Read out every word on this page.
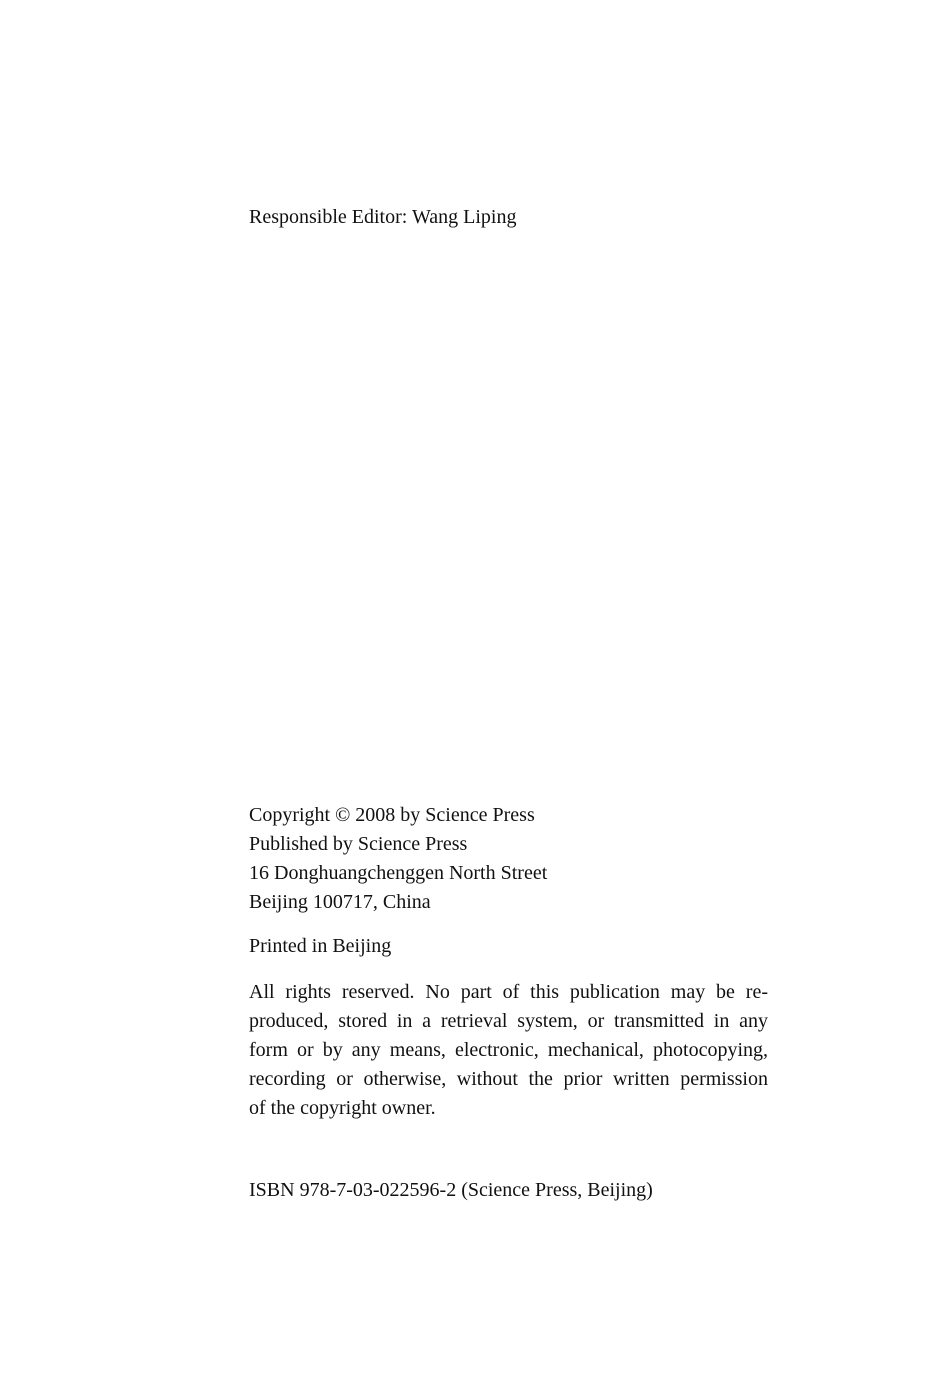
Responsible Editor: Wang Liping
Copyright © 2008 by Science Press
Published by Science Press
16 Donghuangchenggen North Street
Beijing 100717, China
Printed in Beijing
All rights reserved. No part of this publication may be re-
produced, stored in a retrieval system, or transmitted in any
form or by any means, electronic, mechanical, photocopying,
recording or otherwise, without the prior written permission
of the copyright owner.
ISBN 978-7-03-022596-2 (Science Press, Beijing)
